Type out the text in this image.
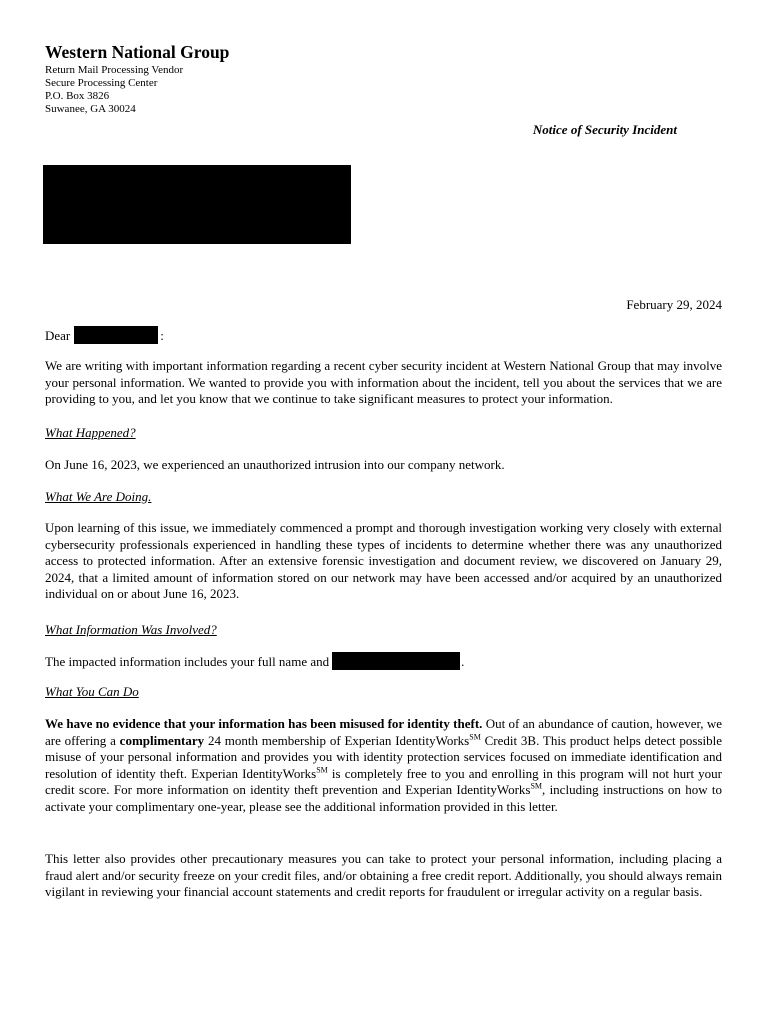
Western National Group
Return Mail Processing Vendor
Secure Processing Center
P.O. Box 3826
Suwanee, GA 30024
Notice of Security Incident
February 29, 2024
Dear	:
We are writing with important information regarding a recent cyber security incident at Western National Group that may involve your personal information. We wanted to provide you with information about the incident, tell you about the services that we are providing to you, and let you know that we continue to take significant measures to protect your information.
What Happened?
On June 16, 2023, we experienced an unauthorized intrusion into our company network.
What We Are Doing.
Upon learning of this issue, we immediately commenced a prompt and thorough investigation working very closely with external cybersecurity professionals experienced in handling these types of incidents to determine whether there was any unauthorized access to protected information. After an extensive forensic investigation and document review, we discovered on January 29, 2024, that a limited amount of information stored on our network may have been accessed and/or acquired by an unauthorized individual on or about June 16, 2023.
What Information Was Involved?
The impacted information includes your full name and	.
What You Can Do
We have no evidence that your information has been misused for identity theft. Out of an abundance of caution, however, we are offering a complimentary 24 month membership of Experian IdentityWorks℠ Credit 3B. This product helps detect possible misuse of your personal information and provides you with identity protection services focused on immediate identification and resolution of identity theft. Experian IdentityWorks℠ is completely free to you and enrolling in this program will not hurt your credit score. For more information on identity theft prevention and Experian IdentityWorks℠, including instructions on how to activate your complimentary one-year, please see the additional information provided in this letter.
This letter also provides other precautionary measures you can take to protect your personal information, including placing a fraud alert and/or security freeze on your credit files, and/or obtaining a free credit report. Additionally, you should always remain vigilant in reviewing your financial account statements and credit reports for fraudulent or irregular activity on a regular basis.
